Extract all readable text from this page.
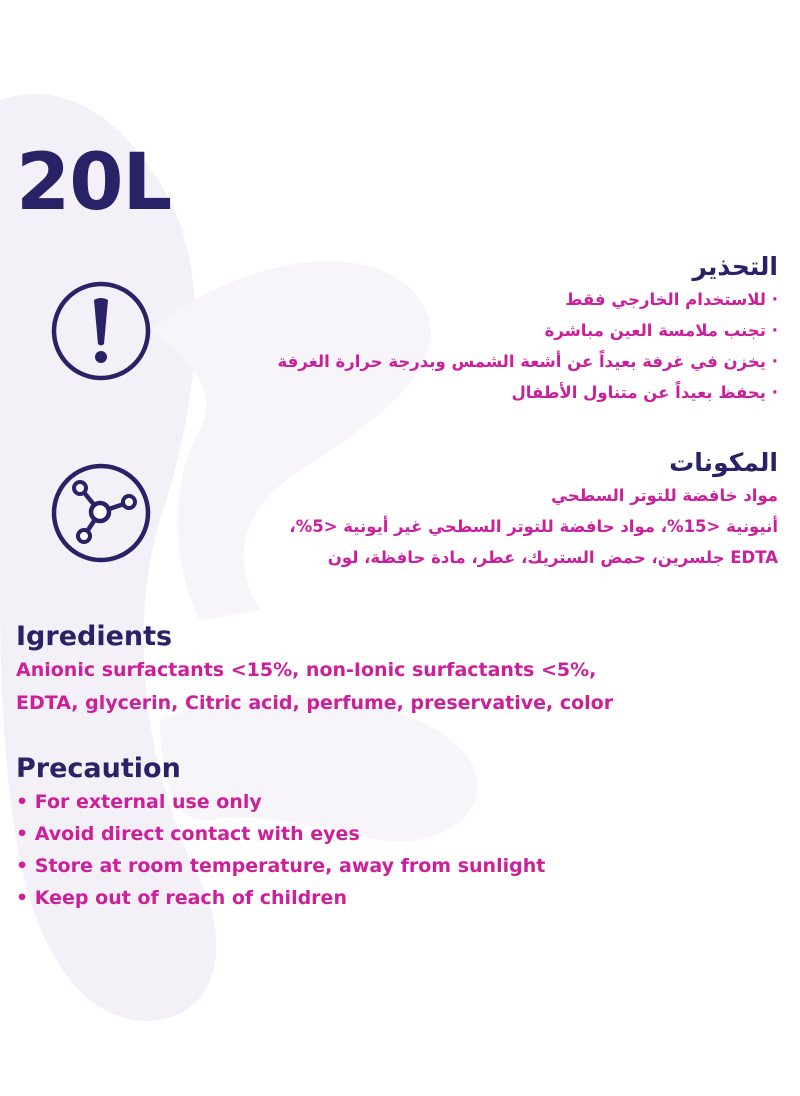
20L
التحذير
· للاستخدام الخارجي فقط
· تجنب ملامسة العين مباشرة
· يخزن في غرفة بعيداً عن أشعة الشمس وبدرجة حرارة الغرفة
· يحفظ بعيداً عن متناول الأطفال
المكونات
مواد خافضة للتوتر السطحي
أنيونية <15%، مواد حافضة للتوتر السطحي غير أيونية <5%،
EDTA جلسرين، حمض الستريك، عطر، مادة حافظة، لون
Igredients
Anionic surfactants <15%, non-Ionic surfactants <5%, EDTA, glycerin, Citric acid, perfume, preservative, color
Precaution
• For external use only
• Avoid direct contact with eyes
• Store at room temperature, away from sunlight
• Keep out of reach of children
